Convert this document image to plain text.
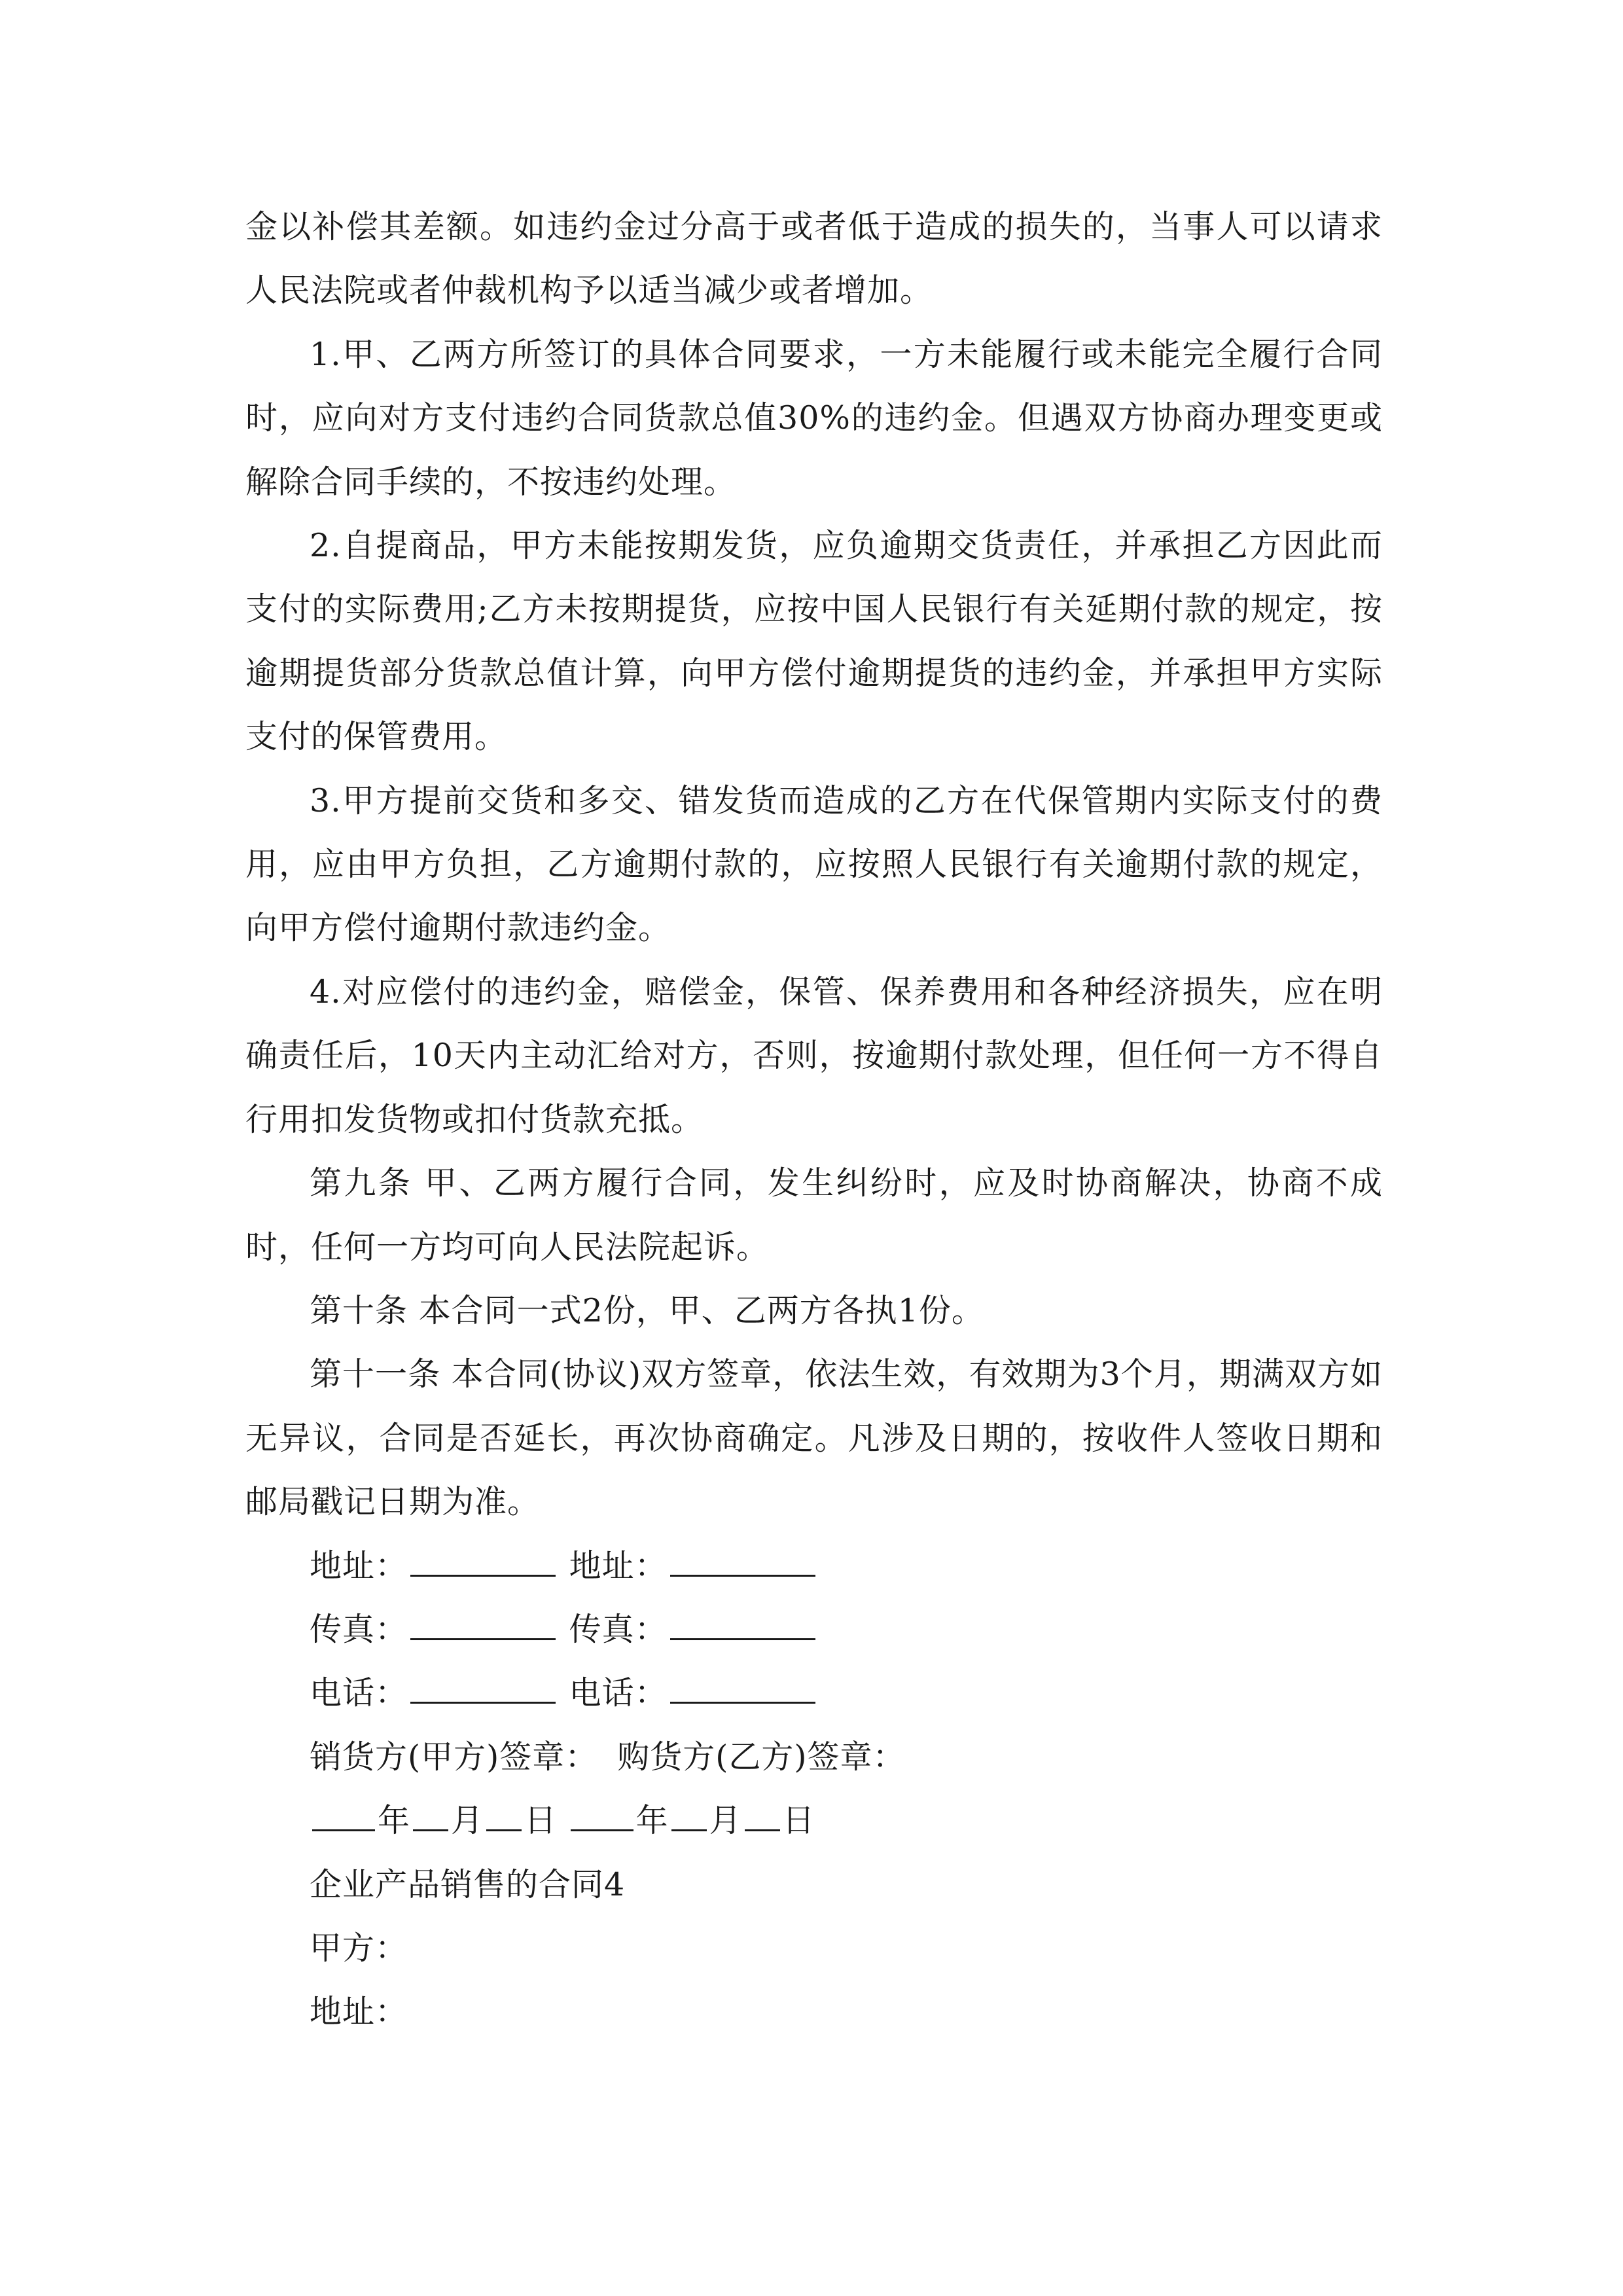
金以补偿其差额。如违约金过分高于或者低于造成的损失的，当事人可以请求人民法院或者仲裁机构予以适当减少或者增加。

1.甲、乙两方所签订的具体合同要求，一方未能履行或未能完全履行合同时，应向对方支付违约合同货款总值30%的违约金。但遇双方协商办理变更或解除合同手续的，不按违约处理。

2.自提商品，甲方未能按期发货，应负逾期交货责任，并承担乙方因此而支付的实际费用;乙方未按期提货，应按中国人民银行有关延期付款的规定，按逾期提货部分货款总值计算，向甲方偿付逾期提货的违约金，并承担甲方实际支付的保管费用。

3.甲方提前交货和多交、错发货而造成的乙方在代保管期内实际支付的费用，应由甲方负担，乙方逾期付款的，应按照人民银行有关逾期付款的规定，向甲方偿付逾期付款违约金。

4.对应偿付的违约金，赔偿金，保管、保养费用和各种经济损失，应在明确责任后，10天内主动汇给对方，否则，按逾期付款处理，但任何一方不得自行用扣发货物或扣付货款充抵。

第九条 甲、乙两方履行合同，发生纠纷时，应及时协商解决，协商不成时，任何一方均可向人民法院起诉。

第十条 本合同一式2份，甲、乙两方各执1份。

第十一条 本合同(协议)双方签章，依法生效，有效期为3个月，期满双方如无异议，合同是否延长，再次协商确定。凡涉及日期的，按收件人签收日期和邮局戳记日期为准。

地址：	地址：

传真：	传真：

电话：	电话：

销货方(甲方)签章： 购货方(乙方)签章：

年 月 日 年 月 日

企业产品销售的合同4

甲方：

地址：
